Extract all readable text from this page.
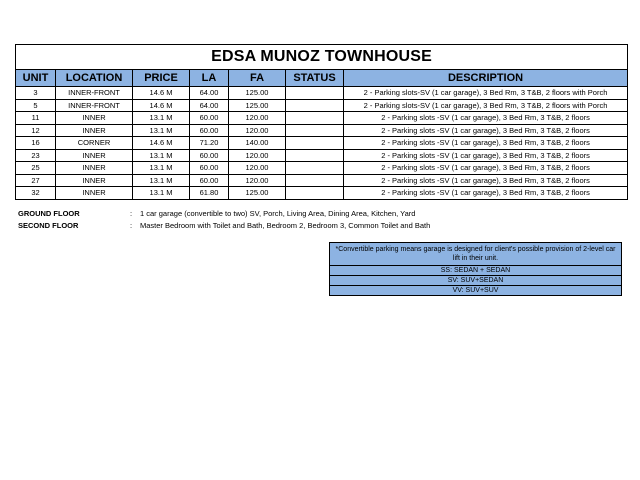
EDSA MUNOZ TOWNHOUSE						
UNIT	LOCATION	PRICE	LA	FA	STATUS	DESCRIPTION
3	INNER-FRONT	14.6 M	64.00	125.00		2 - Parking slots-SV (1 car garage), 3 Bed Rm, 3 T&B, 2 floors with Porch
5	INNER-FRONT	14.6 M	64.00	125.00		2 - Parking slots-SV (1 car garage), 3 Bed Rm, 3 T&B, 2 floors with Porch
11	INNER	13.1 M	60.00	120.00		2 - Parking slots -SV (1 car garage), 3 Bed Rm, 3 T&B, 2 floors
12	INNER	13.1 M	60.00	120.00		2 - Parking slots -SV (1 car garage), 3 Bed Rm, 3 T&B, 2 floors
16	CORNER	14.6 M	71.20	140.00		2 - Parking slots -SV (1 car garage), 3 Bed Rm, 3 T&B, 2 floors
23	INNER	13.1 M	60.00	120.00		2 - Parking slots -SV (1 car garage), 3 Bed Rm, 3 T&B, 2 floors
25	INNER	13.1 M	60.00	120.00		2 - Parking slots -SV (1 car garage), 3 Bed Rm, 3 T&B, 2 floors
27	INNER	13.1 M	60.00	120.00		2 - Parking slots -SV (1 car garage), 3 Bed Rm, 3 T&B, 2 floors
32	INNER	13.1 M	61.80	125.00		2 - Parking slots -SV (1 car garage), 3 Bed Rm, 3 T&B, 2 floors
GROUND FLOOR	:	1 car garage (convertible to two) SV, Porch, Living Area, Dining Area, Kitchen, Yard
SECOND FLOOR	:	Master Bedroom with Toilet and Bath, Bedroom 2, Bedroom 3, Common Toilet and Bath
*Convertible parking means garage is designed for client's possible provision of 2-level car lift in their unit.
SS: SEDAN + SEDAN
SV: SUV+SEDAN
VV: SUV+SUV
